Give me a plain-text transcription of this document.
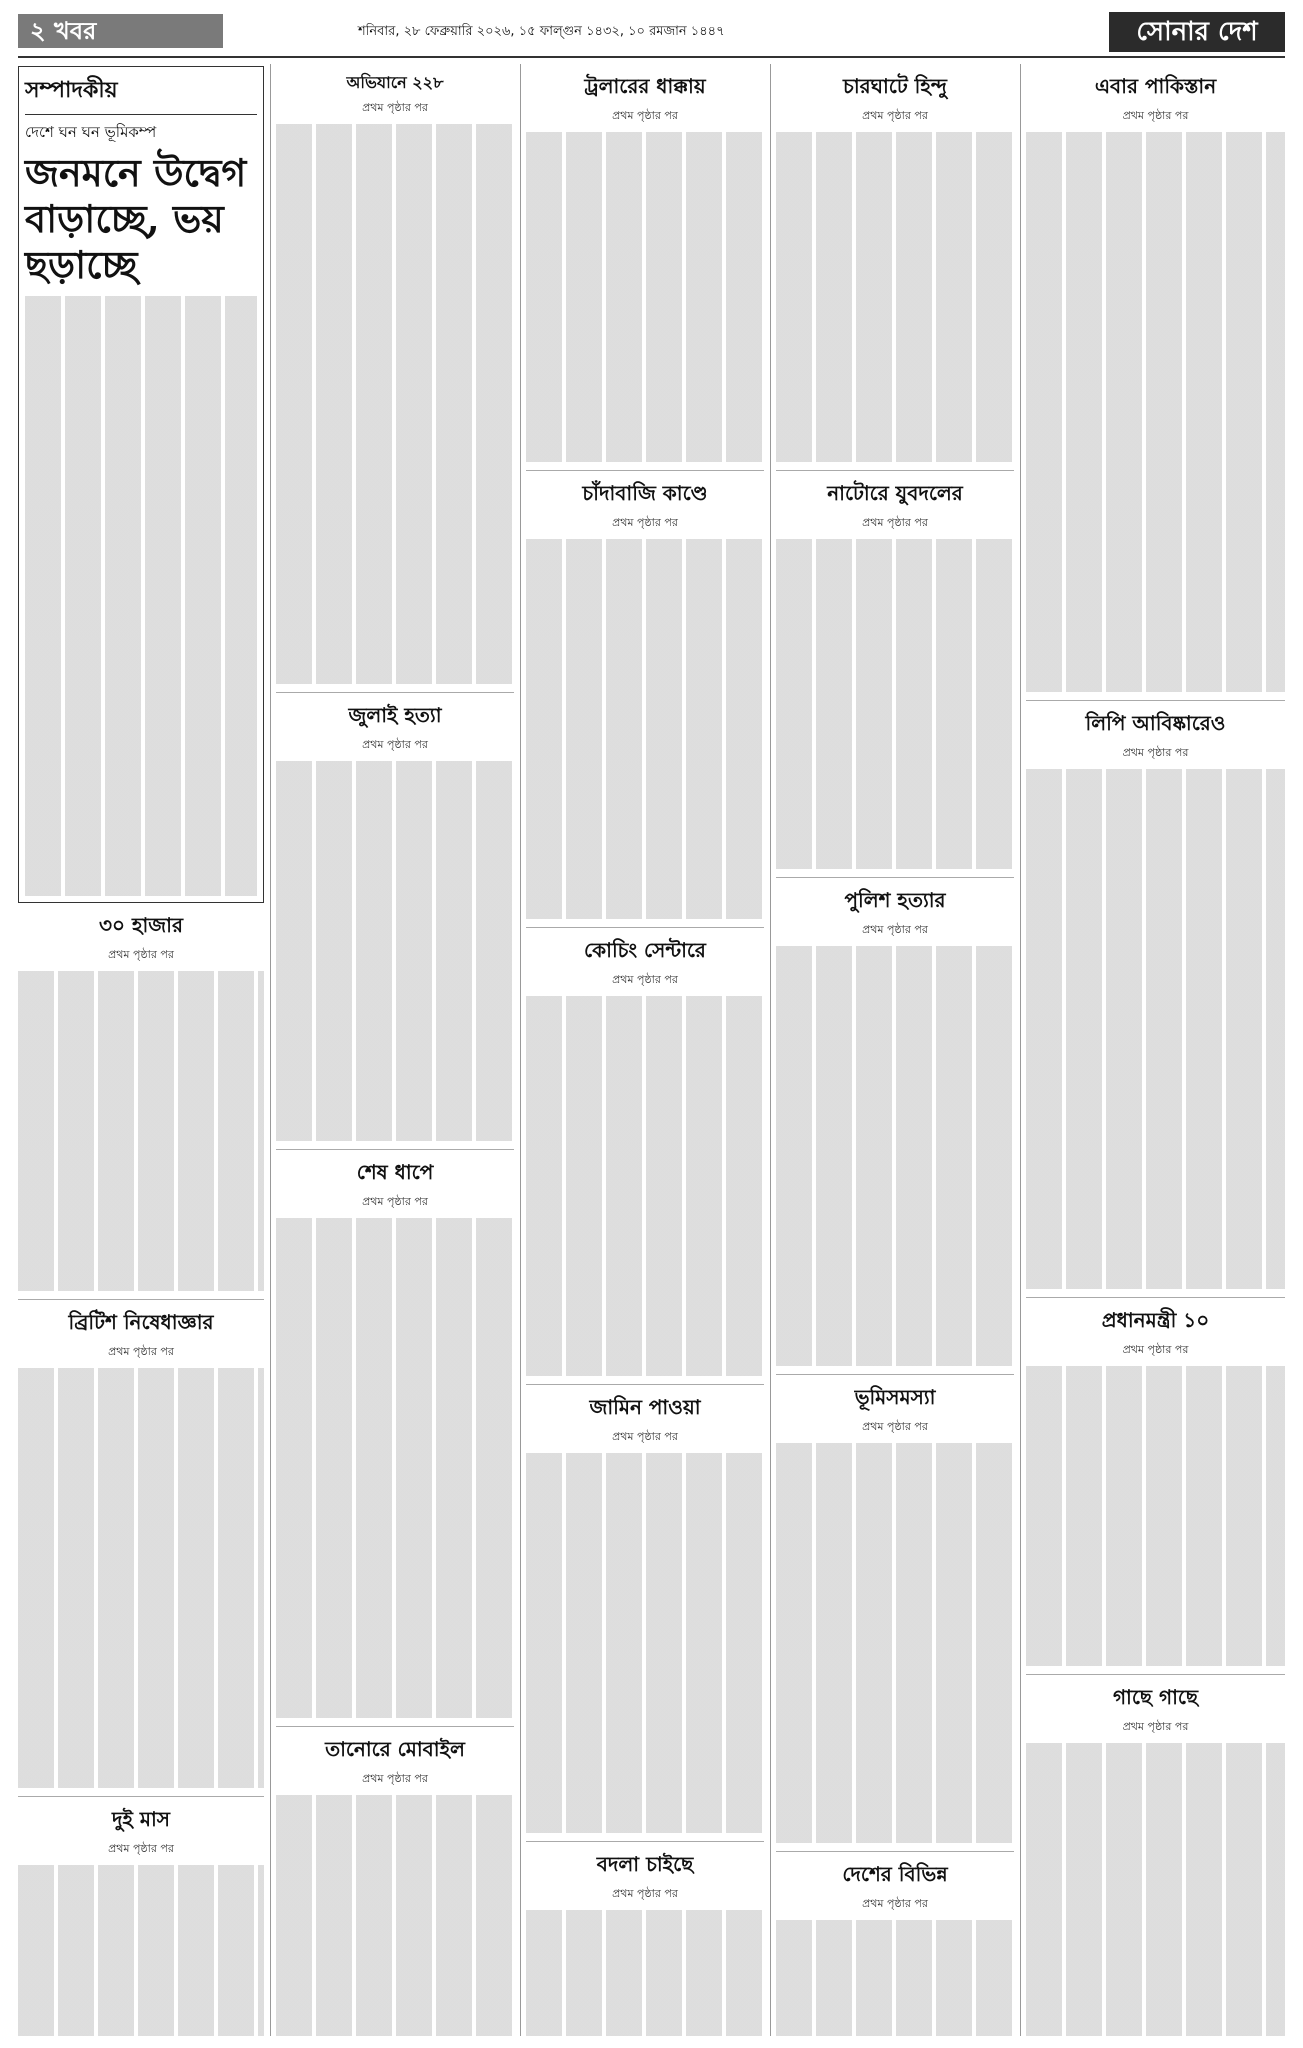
২ খবর	শনিবার, ২৮ ফেব্রুয়ারি ২০২৬, ১৫ ফাল্গুন ১৪৩২, ১০ রমজান ১৪৪৭	সোনার দেশ
সম্পাদকীয়
দেশে ঘন ঘন ভূমিকম্প
জনমনে উদ্বেগ বাড়াচ্ছে, ভয় ছড়াচ্ছে
৩০ হাজার
প্রথম পৃষ্ঠার পর
ব্রিটিশ নিষেধাজ্ঞার
প্রথম পৃষ্ঠার পর
দুই মাস
প্রথম পৃষ্ঠার পর
অভিযানে ২২৮
প্রথম পৃষ্ঠার পর
জুলাই হত্যা
প্রথম পৃষ্ঠার পর
শেষ ধাপে
প্রথম পৃষ্ঠার পর
তানোরে মোবাইল
প্রথম পৃষ্ঠার পর
ট্রলারের ধাক্কায়
প্রথম পৃষ্ঠার পর
চাঁদাবাজি কাণ্ডে
প্রথম পৃষ্ঠার পর
কোচিং সেন্টারে
প্রথম পৃষ্ঠার পর
জামিন পাওয়া
প্রথম পৃষ্ঠার পর
বদলা চাইছে
প্রথম পৃষ্ঠার পর
চারঘাটে হিন্দু
প্রথম পৃষ্ঠার পর
নাটোরে যুবদলের
প্রথম পৃষ্ঠার পর
পুলিশ হত্যার
প্রথম পৃষ্ঠার পর
ভূমিসমস্যা
প্রথম পৃষ্ঠার পর
দেশের বিভিন্ন
প্রথম পৃষ্ঠার পর
এবার পাকিস্তান
প্রথম পৃষ্ঠার পর
লিপি আবিষ্কারেও
প্রথম পৃষ্ঠার পর
প্রধানমন্ত্রী ১০
প্রথম পৃষ্ঠার পর
গাছে গাছে
প্রথম পৃষ্ঠার পর
